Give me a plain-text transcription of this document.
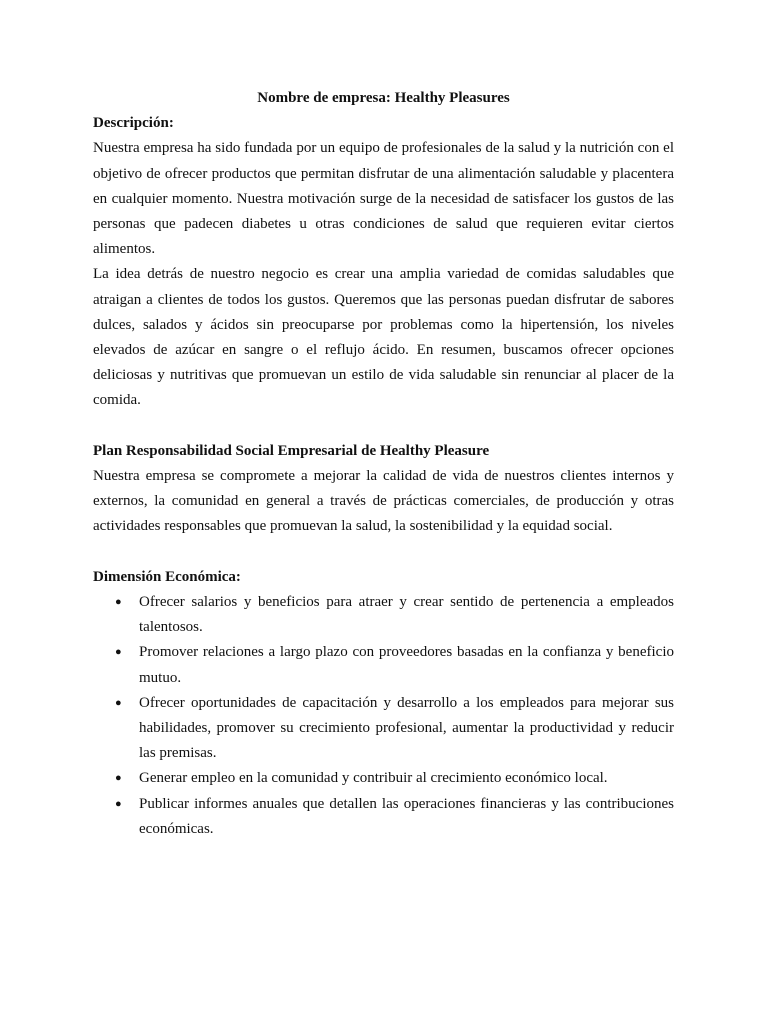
Nombre de empresa: Healthy Pleasures

Descripción:

Nuestra empresa ha sido fundada por un equipo de profesionales de la salud y la nutrición con el objetivo de ofrecer productos que permitan disfrutar de una alimentación saludable y placentera en cualquier momento. Nuestra motivación surge de la necesidad de satisfacer los gustos de las personas que padecen diabetes u otras condiciones de salud que requieren evitar ciertos alimentos.

La idea detrás de nuestro negocio es crear una amplia variedad de comidas saludables que atraigan a clientes de todos los gustos. Queremos que las personas puedan disfrutar de sabores dulces, salados y ácidos sin preocuparse por problemas como la hipertensión, los niveles elevados de azúcar en sangre o el reflujo ácido. En resumen, buscamos ofrecer opciones deliciosas y nutritivas que promuevan un estilo de vida saludable sin renunciar al placer de la comida.

Plan Responsabilidad Social Empresarial de Healthy Pleasure

Nuestra empresa se compromete a mejorar la calidad de vida de nuestros clientes internos y externos, la comunidad en general a través de prácticas comerciales, de producción y otras actividades responsables que promuevan la salud, la sostenibilidad y la equidad social.

Dimensión Económica:

● Ofrecer salarios y beneficios para atraer y crear sentido de pertenencia a empleados talentosos.
● Promover relaciones a largo plazo con proveedores basadas en la confianza y beneficio mutuo.
● Ofrecer oportunidades de capacitación y desarrollo a los empleados para mejorar sus habilidades, promover su crecimiento profesional, aumentar la productividad y reducir las premisas.
● Generar empleo en la comunidad y contribuir al crecimiento económico local.
● Publicar informes anuales que detallen las operaciones financieras y las contribuciones económicas.
